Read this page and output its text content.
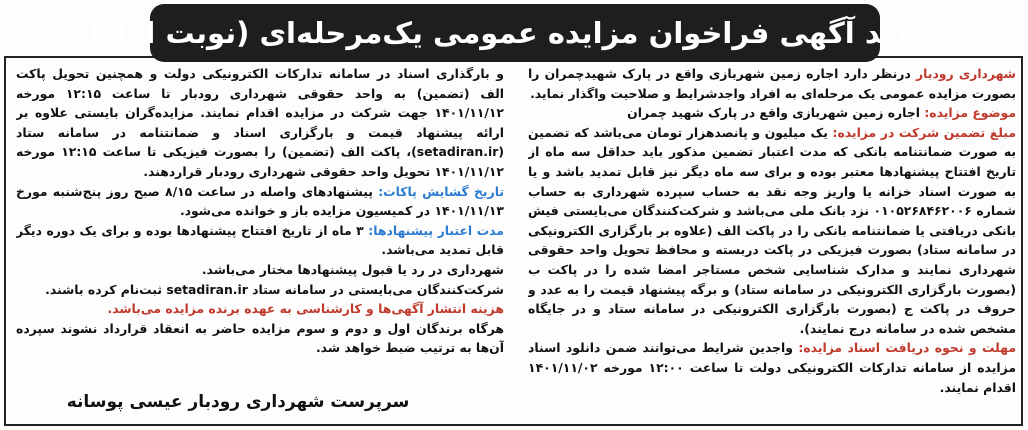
تجدید آگهی فراخوان مزایده عمومی یک‌مرحله‌ای (نوبت اول)

شهرداری رودبار درنظر دارد اجاره زمین شهربازی واقع در پارک شهیدچمران را بصورت مزایده عمومی یک مرحله‌ای به افراد واجدشرایط و صلاحیت واگذار نماید.

موضوع مزایده: اجاره زمین شهربازی واقع در پارک شهید چمران

مبلغ تضمین شرکت در مزایده: یک میلیون و پانصدهزار تومان می‌باشد که تضمین به صورت ضمانتنامه بانکی که مدت اعتبار تضمین مذکور باید حداقل سه ماه از تاریخ افتتاح پیشنهادها معتبر بوده و برای سه ماه دیگر نیز قابل تمدید باشد و یا به صورت اسناد خزانه یا واریز وجه نقد به حساب سپرده شهرداری به حساب شماره ۰۱۰۵۲۶۸۴۶۲۰۰۶ نزد بانک ملی می‌باشد و شرکت‌کنندگان می‌بایستی فیش بانکی دریافتی یا ضمانتنامه بانکی را در پاکت الف (علاوه بر بارگزاری الکترونیکی در سامانه ستاد) بصورت فیزیکی در پاکت دربسته و محافظ تحویل واحد حقوقی شهرداری نمایند و مدارک شناسایی شخص مستاجر امضا شده را در پاکت ب (بصورت بارگزاری الکترونیکی در سامانه ستاد) و برگه پیشنهاد قیمت را به عدد و حروف در پاکت ج (بصورت بارگزاری الکترونیکی در سامانه ستاد و در جایگاه مشخص شده در سامانه درج نمایند).

مهلت و نحوه دریافت اسناد مزایده: واجدین شرایط می‌توانند ضمن دانلود اسناد مزایده از سامانه تدارکات الکترونیکی دولت تا ساعت ۱۲:۰۰ مورخه ۱۴۰۱/۱۱/۰۲ اقدام نمایند.

و بارگذاری اسناد در سامانه تدارکات الکترونیکی دولت و همچنین تحویل پاکت الف (تضمین) به واحد حقوقی شهرداری رودبار تا ساعت ۱۲:۱۵ مورخه ۱۴۰۱/۱۱/۱۲ جهت شرکت در مزایده اقدام نمایند. مزایده‌گران بایستی علاوه بر ارائه پیشنهاد قیمت و بارگزاری اسناد و ضمانتنامه در سامانه ستاد (setadiran.ir)، پاکت الف (تضمین) را بصورت فیزیکی تا ساعت ۱۲:۱۵ مورخه ۱۴۰۱/۱۱/۱۲ تحویل واحد حقوقی شهرداری رودبار قراردهند.

تاریخ گشایش پاکات: پیشنهادهای واصله در ساعت ۸/۱۵ صبح روز پنج‌شنبه مورخ ۱۴۰۱/۱۱/۱۳ در کمیسیون مزایده باز و خوانده می‌شود.

مدت اعتبار پیشنهادها: ۳ ماه از تاریخ افتتاح پیشنهادها بوده و برای یک دوره دیگر قابل تمدید می‌باشد.

شهرداری در رد یا قبول پیشنهادها مختار می‌باشد.

شرکت‌کنندگان می‌بایستی در سامانه ستاد setadiran.ir ثبت‌نام کرده باشند.

هزینه انتشار آگهی‌ها و کارشناسی به عهده برنده مزایده می‌باشد.

هرگاه برندگان اول و دوم و سوم مزایده حاضر به انعقاد قرارداد نشوند سپرده آن‌ها به ترتیب ضبط خواهد شد.

سرپرست شهرداری رودبار عیسی پوسانه
